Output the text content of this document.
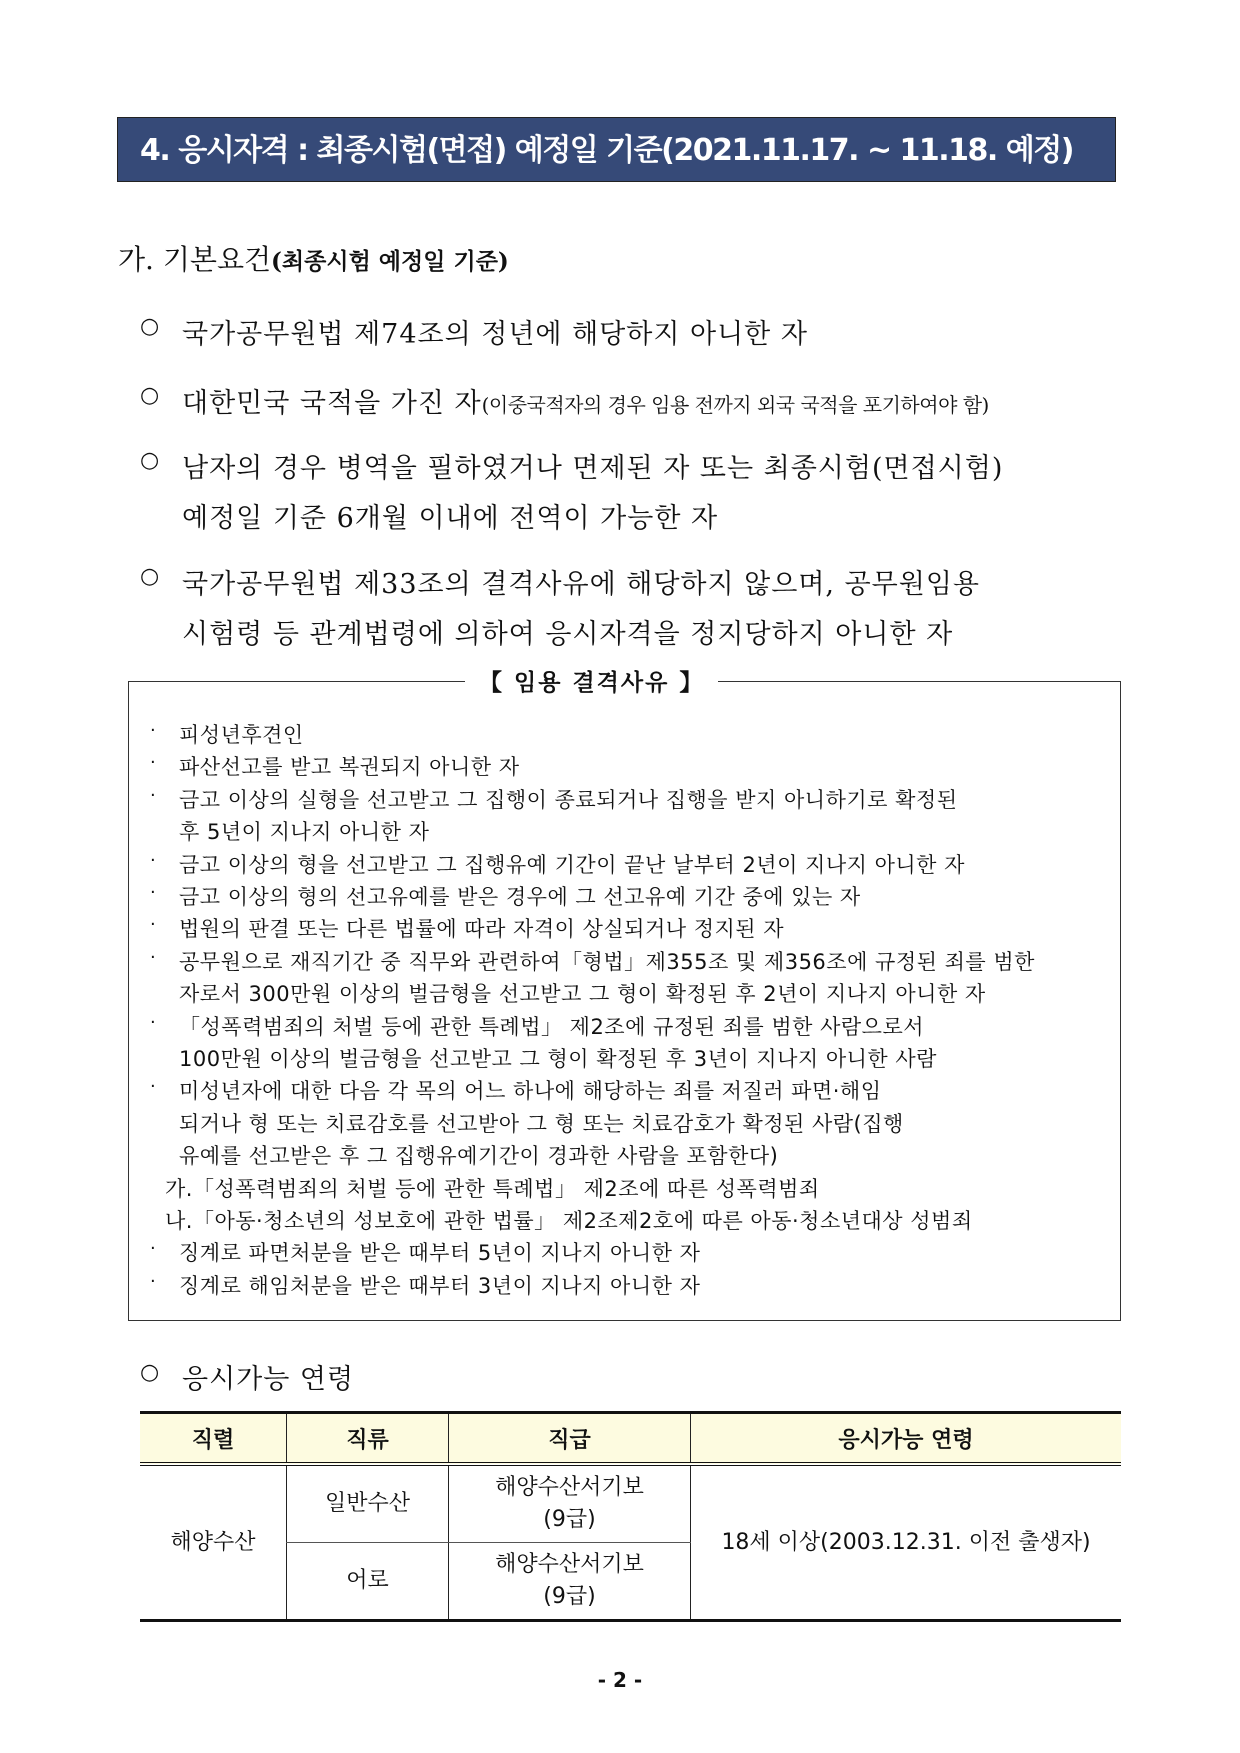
4. 응시자격 : 최종시험(면접) 예정일 기준(2021.11.17. ~ 11.18. 예정)
가. 기본요건(최종시험 예정일 기준)
○ 국가공무원법 제74조의 정년에 해당하지 아니한 자
○ 대한민국 국적을 가진 자(이중국적자의 경우 임용 전까지 외국 국적을 포기하여야 함)
○ 남자의 경우 병역을 필하였거나 면제된 자 또는 최종시험(면접시험)
예정일 기준 6개월 이내에 전역이 가능한 자
○ 국가공무원법 제33조의 결격사유에 해당하지 않으며, 공무원임용
시험령 등 관계법령에 의하여 응시자격을 정지당하지 아니한 자
【 임용 결격사유 】
· 피성년후견인
· 파산선고를 받고 복권되지 아니한 자
· 금고 이상의 실형을 선고받고 그 집행이 종료되거나 집행을 받지 아니하기로 확정된
후 5년이 지나지 아니한 자
· 금고 이상의 형을 선고받고 그 집행유예 기간이 끝난 날부터 2년이 지나지 아니한 자
· 금고 이상의 형의 선고유예를 받은 경우에 그 선고유예 기간 중에 있는 자
· 법원의 판결 또는 다른 법률에 따라 자격이 상실되거나 정지된 자
· 공무원으로 재직기간 중 직무와 관련하여「형법」제355조 및 제356조에 규정된 죄를 범한
자로서 300만원 이상의 벌금형을 선고받고 그 형이 확정된 후 2년이 지나지 아니한 자
· 「성폭력범죄의 처벌 등에 관한 특례법」 제2조에 규정된 죄를 범한 사람으로서
100만원 이상의 벌금형을 선고받고 그 형이 확정된 후 3년이 지나지 아니한 사람
· 미성년자에 대한 다음 각 목의 어느 하나에 해당하는 죄를 저질러 파면·해임
되거나 형 또는 치료감호를 선고받아 그 형 또는 치료감호가 확정된 사람(집행
유예를 선고받은 후 그 집행유예기간이 경과한 사람을 포함한다)
가.「성폭력범죄의 처벌 등에 관한 특례법」 제2조에 따른 성폭력범죄
나.「아동·청소년의 성보호에 관한 법률」 제2조제2호에 따른 아동·청소년대상 성범죄
· 징계로 파면처분을 받은 때부터 5년이 지나지 아니한 자
· 징계로 해임처분을 받은 때부터 3년이 지나지 아니한 자
○ 응시가능 연령
직렬	직류	직급	응시가능 연령
해양수산	일반수산	해양수산서기보
(9급)	18세 이상(2003.12.31. 이전 출생자)
	어로	해양수산서기보
(9급)	
- 2 -
